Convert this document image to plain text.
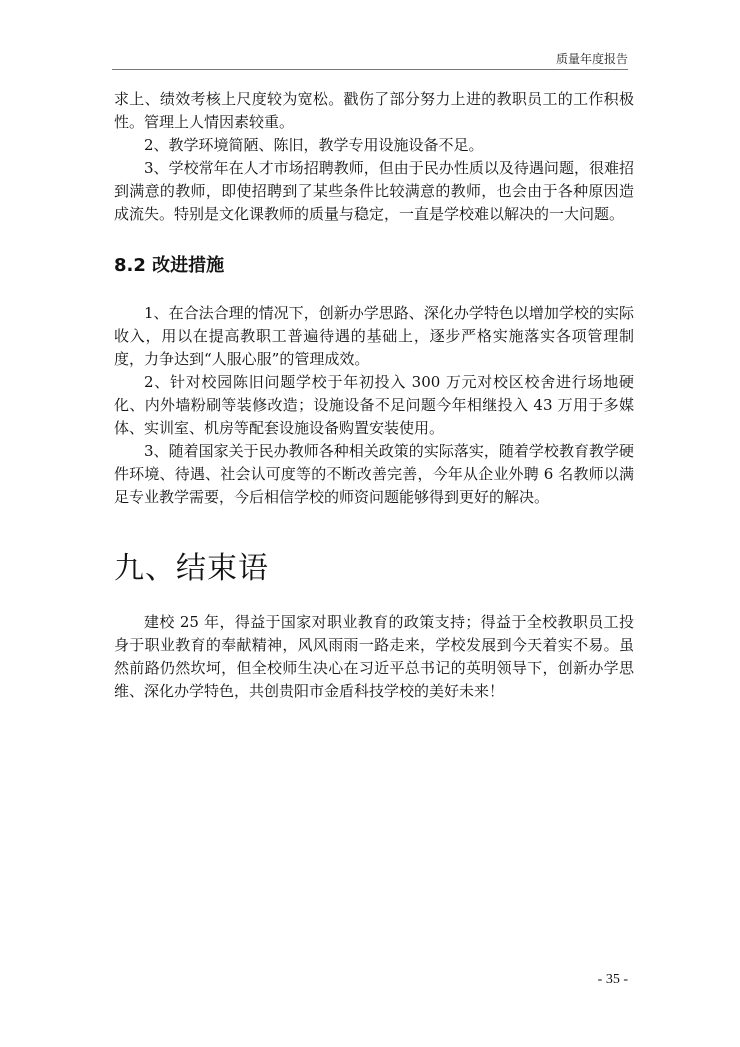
质量年度报告

求上、绩效考核上尺度较为宽松。戳伤了部分努力上进的教职员工的工作积极性。管理上人情因素较重。

2、教学环境简陋、陈旧，教学专用设施设备不足。

3、学校常年在人才市场招聘教师，但由于民办性质以及待遇问题，很难招到满意的教师，即使招聘到了某些条件比较满意的教师，也会由于各种原因造成流失。特别是文化课教师的质量与稳定，一直是学校难以解决的一大问题。

8.2 改进措施

1、在合法合理的情况下，创新办学思路、深化办学特色以增加学校的实际收入，用以在提高教职工普遍待遇的基础上，逐步严格实施落实各项管理制度，力争达到“人服心服”的管理成效。

2、针对校园陈旧问题学校于年初投入 300 万元对校区校舍进行场地硬化、内外墙粉刷等装修改造；设施设备不足问题今年相继投入 43 万用于多媒体、实训室、机房等配套设施设备购置安装使用。

3、随着国家关于民办教师各种相关政策的实际落实，随着学校教育教学硬件环境、待遇、社会认可度等的不断改善完善，今年从企业外聘 6 名教师以满足专业教学需要，今后相信学校的师资问题能够得到更好的解决。

九、结束语

建校 25 年，得益于国家对职业教育的政策支持；得益于全校教职员工投身于职业教育的奉献精神，风风雨雨一路走来，学校发展到今天着实不易。虽然前路仍然坎坷，但全校师生决心在习近平总书记的英明领导下，创新办学思维、深化办学特色，共创贵阳市金盾科技学校的美好未来！

- 35 -
